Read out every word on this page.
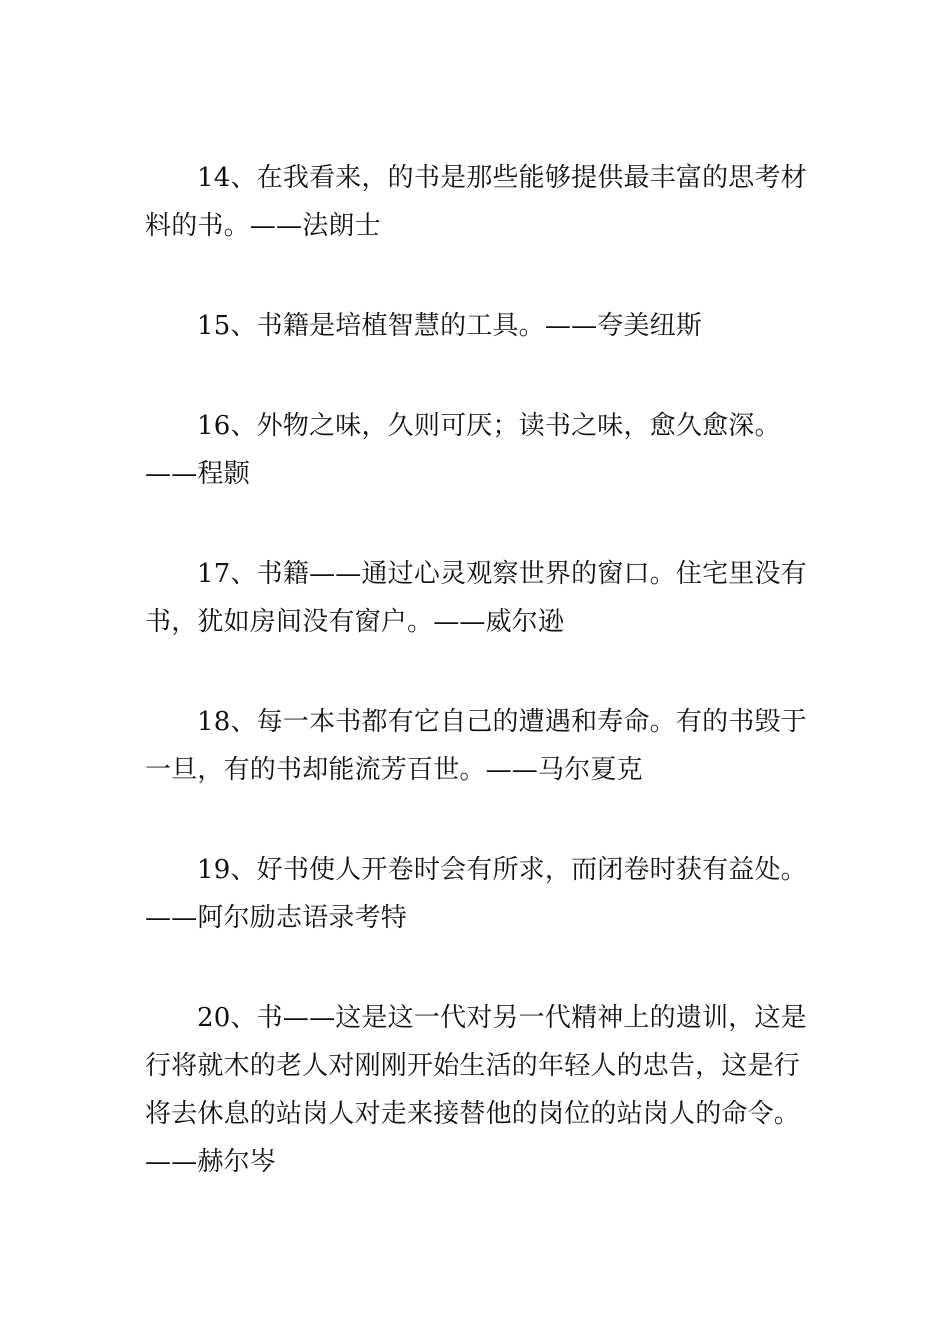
14、在我看来，的书是那些能够提供最丰富的思考材料的书。——法朗士

15、书籍是培植智慧的工具。——夸美纽斯

16、外物之味，久则可厌；读书之味，愈久愈深。——程颢

17、书籍——通过心灵观察世界的窗口。住宅里没有书，犹如房间没有窗户。——威尔逊

18、每一本书都有它自己的遭遇和寿命。有的书毁于一旦，有的书却能流芳百世。——马尔夏克

19、好书使人开卷时会有所求，而闭卷时获有益处。——阿尔励志语录考特

20、书——这是这一代对另一代精神上的遗训，这是行将就木的老人对刚刚开始生活的年轻人的忠告，这是行将去休息的站岗人对走来接替他的岗位的站岗人的命令。——赫尔岑
